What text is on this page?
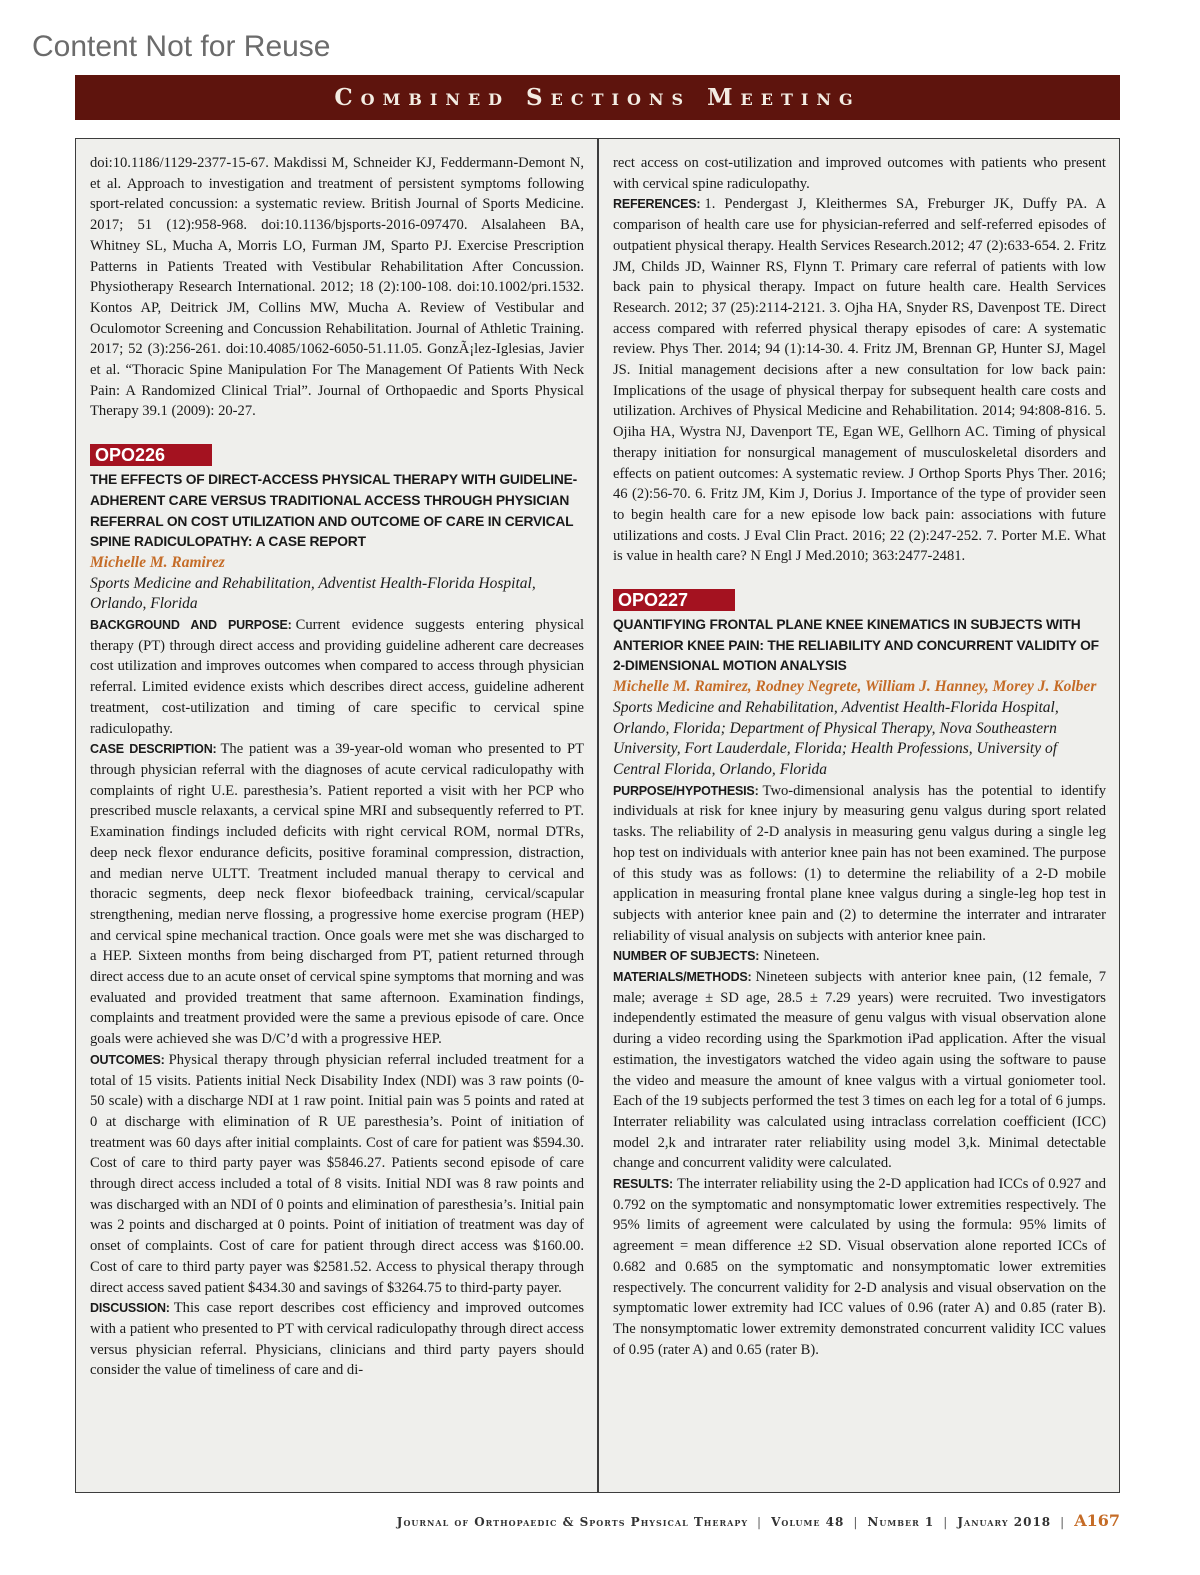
Content Not for Reuse
Combined Sections Meeting

doi:10.1186/1129-2377-15-67. Makdissi M, Schneider KJ, Feddermann-Demont N, et al. Approach to investigation and treatment of persistent symptoms following sport-related concussion: a systematic review. British Journal of Sports Medicine. 2017; 51 (12):958-968. doi:10.1136/bjsports-2016-097470. Alsalaheen BA, Whitney SL, Mucha A, Morris LO, Furman JM, Sparto PJ. Exercise Prescription Patterns in Patients Treated with Vestibular Rehabilitation After Concussion. Physiotherapy Research International. 2012; 18 (2):100-108. doi:10.1002/pri.1532. Kontos AP, Deitrick JM, Collins MW, Mucha A. Review of Vestibular and Oculomotor Screening and Concussion Rehabilitation. Journal of Athletic Training. 2017; 52 (3):256-261. doi:10.4085/1062-6050-51.11.05. GonzÃ¡lez-Iglesias, Javier et al. “Thoracic Spine Manipulation For The Management Of Patients With Neck Pain: A Randomized Clinical Trial”. Journal of Orthopaedic and Sports Physical Therapy 39.1 (2009): 20-27.

OPO226

THE EFFECTS OF DIRECT-ACCESS PHYSICAL THERAPY WITH GUIDELINE-ADHERENT CARE VERSUS TRADITIONAL ACCESS THROUGH PHYSICIAN REFERRAL ON COST UTILIZATION AND OUTCOME OF CARE IN CERVICAL SPINE RADICULOPATHY: A CASE REPORT

Michelle M. Ramirez

Sports Medicine and Rehabilitation, Adventist Health-Florida Hospital, Orlando, Florida

BACKGROUND AND PURPOSE: Current evidence suggests entering physical therapy (PT) through direct access and providing guideline adherent care decreases cost utilization and improves outcomes when compared to access through physician referral. Limited evidence exists which describes direct access, guideline adherent treatment, cost-utilization and timing of care specific to cervical spine radiculopathy.

CASE DESCRIPTION: The patient was a 39-year-old woman who presented to PT through physician referral with the diagnoses of acute cervical radiculopathy with complaints of right U.E. paresthesia’s. Patient reported a visit with her PCP who prescribed muscle relaxants, a cervical spine MRI and subsequently referred to PT. Examination findings included deficits with right cervical ROM, normal DTRs, deep neck flexor endurance deficits, positive foraminal compression, distraction, and median nerve ULTT. Treatment included manual therapy to cervical and thoracic segments, deep neck flexor biofeedback training, cervical/scapular strengthening, median nerve flossing, a progressive home exercise program (HEP) and cervical spine mechanical traction. Once goals were met she was discharged to a HEP. Sixteen months from being discharged from PT, patient returned through direct access due to an acute onset of cervical spine symptoms that morning and was evaluated and provided treatment that same afternoon. Examination findings, complaints and treatment provided were the same a previous episode of care. Once goals were achieved she was D/C’d with a progressive HEP.

OUTCOMES: Physical therapy through physician referral included treatment for a total of 15 visits. Patients initial Neck Disability Index (NDI) was 3 raw points (0-50 scale) with a discharge NDI at 1 raw point. Initial pain was 5 points and rated at 0 at discharge with elimination of R UE paresthesia’s. Point of initiation of treatment was 60 days after initial complaints. Cost of care for patient was $594.30. Cost of care to third party payer was $5846.27. Patients second episode of care through direct access included a total of 8 visits. Initial NDI was 8 raw points and was discharged with an NDI of 0 points and elimination of paresthesia’s. Initial pain was 2 points and discharged at 0 points. Point of initiation of treatment was day of onset of complaints. Cost of care for patient through direct access was $160.00. Cost of care to third party payer was $2581.52. Access to physical therapy through direct access saved patient $434.30 and savings of $3264.75 to third-party payer.

DISCUSSION: This case report describes cost efficiency and improved outcomes with a patient who presented to PT with cervical radiculopathy through direct access versus physician referral. Physicians, clinicians and third party payers should consider the value of timeliness of care and di-

rect access on cost-utilization and improved outcomes with patients who present with cervical spine radiculopathy.

REFERENCES: 1. Pendergast J, Kleithermes SA, Freburger JK, Duffy PA. A comparison of health care use for physician-referred and self-referred episodes of outpatient physical therapy. Health Services Research.2012; 47 (2):633-654. 2. Fritz JM, Childs JD, Wainner RS, Flynn T. Primary care referral of patients with low back pain to physical therapy. Impact on future health care. Health Services Research. 2012; 37 (25):2114-2121. 3. Ojha HA, Snyder RS, Davenpost TE. Direct access compared with referred physical therapy episodes of care: A systematic review. Phys Ther. 2014; 94 (1):14-30. 4. Fritz JM, Brennan GP, Hunter SJ, Magel JS. Initial management decisions after a new consultation for low back pain: Implications of the usage of physical therpay for subsequent health care costs and utilization. Archives of Physical Medicine and Rehabilitation. 2014; 94:808-816. 5. Ojiha HA, Wystra NJ, Davenport TE, Egan WE, Gellhorn AC. Timing of physical therapy initiation for nonsurgical management of musculoskeletal disorders and effects on patient outcomes: A systematic review. J Orthop Sports Phys Ther. 2016; 46 (2):56-70. 6. Fritz JM, Kim J, Dorius J. Importance of the type of provider seen to begin health care for a new episode low back pain: associations with future utilizations and costs. J Eval Clin Pract. 2016; 22 (2):247-252. 7. Porter M.E. What is value in health care? N Engl J Med.2010; 363:2477-2481.

OPO227

QUANTIFYING FRONTAL PLANE KNEE KINEMATICS IN SUBJECTS WITH ANTERIOR KNEE PAIN: THE RELIABILITY AND CONCURRENT VALIDITY OF 2-DIMENSIONAL MOTION ANALYSIS

Michelle M. Ramirez, Rodney Negrete, William J. Hanney, Morey J. Kolber

Sports Medicine and Rehabilitation, Adventist Health-Florida Hospital, Orlando, Florida; Department of Physical Therapy, Nova Southeastern University, Fort Lauderdale, Florida; Health Professions, University of Central Florida, Orlando, Florida

PURPOSE/HYPOTHESIS: Two-dimensional analysis has the potential to identify individuals at risk for knee injury by measuring genu valgus during sport related tasks. The reliability of 2-D analysis in measuring genu valgus during a single leg hop test on individuals with anterior knee pain has not been examined. The purpose of this study was as follows: (1) to determine the reliability of a 2-D mobile application in measuring frontal plane knee valgus during a single-leg hop test in subjects with anterior knee pain and (2) to determine the interrater and intrarater reliability of visual analysis on subjects with anterior knee pain.

NUMBER OF SUBJECTS: Nineteen.

MATERIALS/METHODS: Nineteen subjects with anterior knee pain, (12 female, 7 male; average ± SD age, 28.5 ± 7.29 years) were recruited. Two investigators independently estimated the measure of genu valgus with visual observation alone during a video recording using the Sparkmotion iPad application. After the visual estimation, the investigators watched the video again using the software to pause the video and measure the amount of knee valgus with a virtual goniometer tool. Each of the 19 subjects performed the test 3 times on each leg for a total of 6 jumps. Interrater reliability was calculated using intraclass correlation coefficient (ICC) model 2,k and intrarater rater reliability using model 3,k. Minimal detectable change and concurrent validity were calculated.

RESULTS: The interrater reliability using the 2-D application had ICCs of 0.927 and 0.792 on the symptomatic and nonsymptomatic lower extremities respectively. The 95% limits of agreement were calculated by using the formula: 95% limits of agreement = mean difference ±2 SD. Visual observation alone reported ICCs of 0.682 and 0.685 on the symptomatic and nonsymptomatic lower extremities respectively. The concurrent validity for 2-D analysis and visual observation on the symptomatic lower extremity had ICC values of 0.96 (rater A) and 0.85 (rater B). The nonsymptomatic lower extremity demonstrated concurrent validity ICC values of 0.95 (rater A) and 0.65 (rater B).

Journal of Orthopaedic & Sports Physical Therapy | Volume 48 | Number 1 | January 2018 | A167
